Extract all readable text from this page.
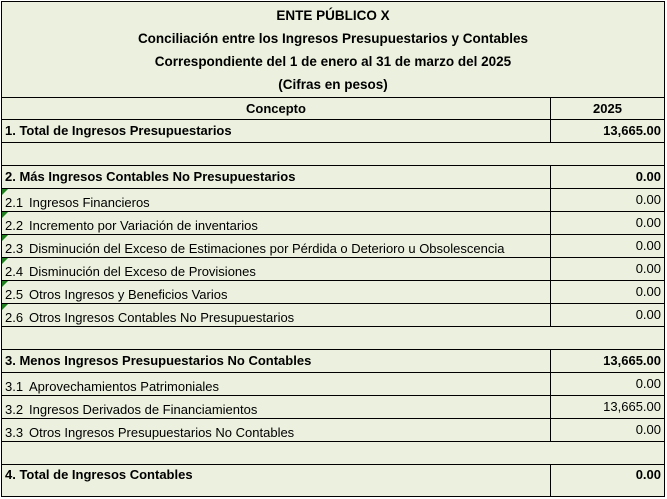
ENTE PÚBLICO X
Conciliación entre los Ingresos Presupuestarios y Contables
Correspondiente del 1 de enero al 31 de marzo del 2025
(Cifras en pesos)
Concepto	2025
1. Total de Ingresos Presupuestarios	13,665.00
2. Más Ingresos Contables No Presupuestarios	0.00
2.1 Ingresos Financieros	0.00
2.2 Incremento por Variación de inventarios	0.00
2.3 Disminución del Exceso de Estimaciones por Pérdida o Deterioro u Obsolescencia	0.00
2.4 Disminución del Exceso de Provisiones	0.00
2.5 Otros Ingresos y Beneficios Varios	0.00
2.6 Otros Ingresos Contables No Presupuestarios	0.00
3. Menos Ingresos Presupuestarios No Contables	13,665.00
3.1 Aprovechamientos Patrimoniales	0.00
3.2 Ingresos Derivados de Financiamientos	13,665.00
3.3 Otros Ingresos Presupuestarios No Contables	0.00
4. Total de Ingresos Contables	0.00
